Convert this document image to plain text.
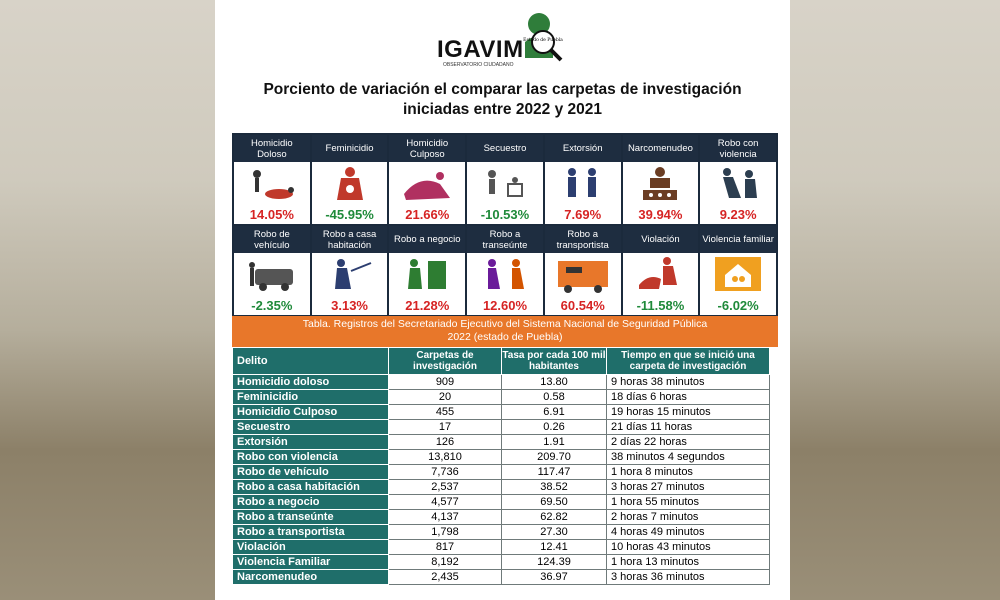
IGAVIM
OBSERVATORIO CIUDADANO
Estado de Puebla
Porciento de variación el comparar las carpetas de investigación
iniciadas entre 2022 y 2021
Homicidio Doloso
14.05%
Feminicidio
-45.95%
Homicidio Culposo
21.66%
Secuestro
-10.53%
Extorsión
7.69%
Narcomenudeo
39.94%
Robo con violencia
9.23%
Robo de vehículo
-2.35%
Robo a casa habitación
3.13%
Robo a negocio
21.28%
Robo a transeúnte
12.60%
Robo a transportista
60.54%
Violación
-11.58%
Violencia familiar
-6.02%
Tabla. Registros del Secretariado Ejecutivo del Sistema Nacional de Seguridad Pública
2022 (estado de Puebla)
Delito	Carpetas de investigación	Tasa por cada 100 mil habitantes	Tiempo en que se inició una carpeta de investigación
Homicidio doloso	909	13.80	9 horas 38 minutos
Feminicidio	20	0.58	18 días 6 horas
Homicidio Culposo	455	6.91	19 horas 15 minutos
Secuestro	17	0.26	21 días 11 horas
Extorsión	126	1.91	2 días 22 horas
Robo con violencia	13,810	209.70	38 minutos 4 segundos
Robo de vehículo	7,736	117.47	1 hora 8 minutos
Robo a casa habitación	2,537	38.52	3 horas 27 minutos
Robo a negocio	4,577	69.50	1 hora 55 minutos
Robo a transeúnte	4,137	62.82	2 horas 7 minutos
Robo a transportista	1,798	27.30	4 horas 49 minutos
Violación	817	12.41	10 horas 43 minutos
Violencia Familiar	8,192	124.39	1 hora 13 minutos
Narcomenudeo	2,435	36.97	3 horas 36 minutos
